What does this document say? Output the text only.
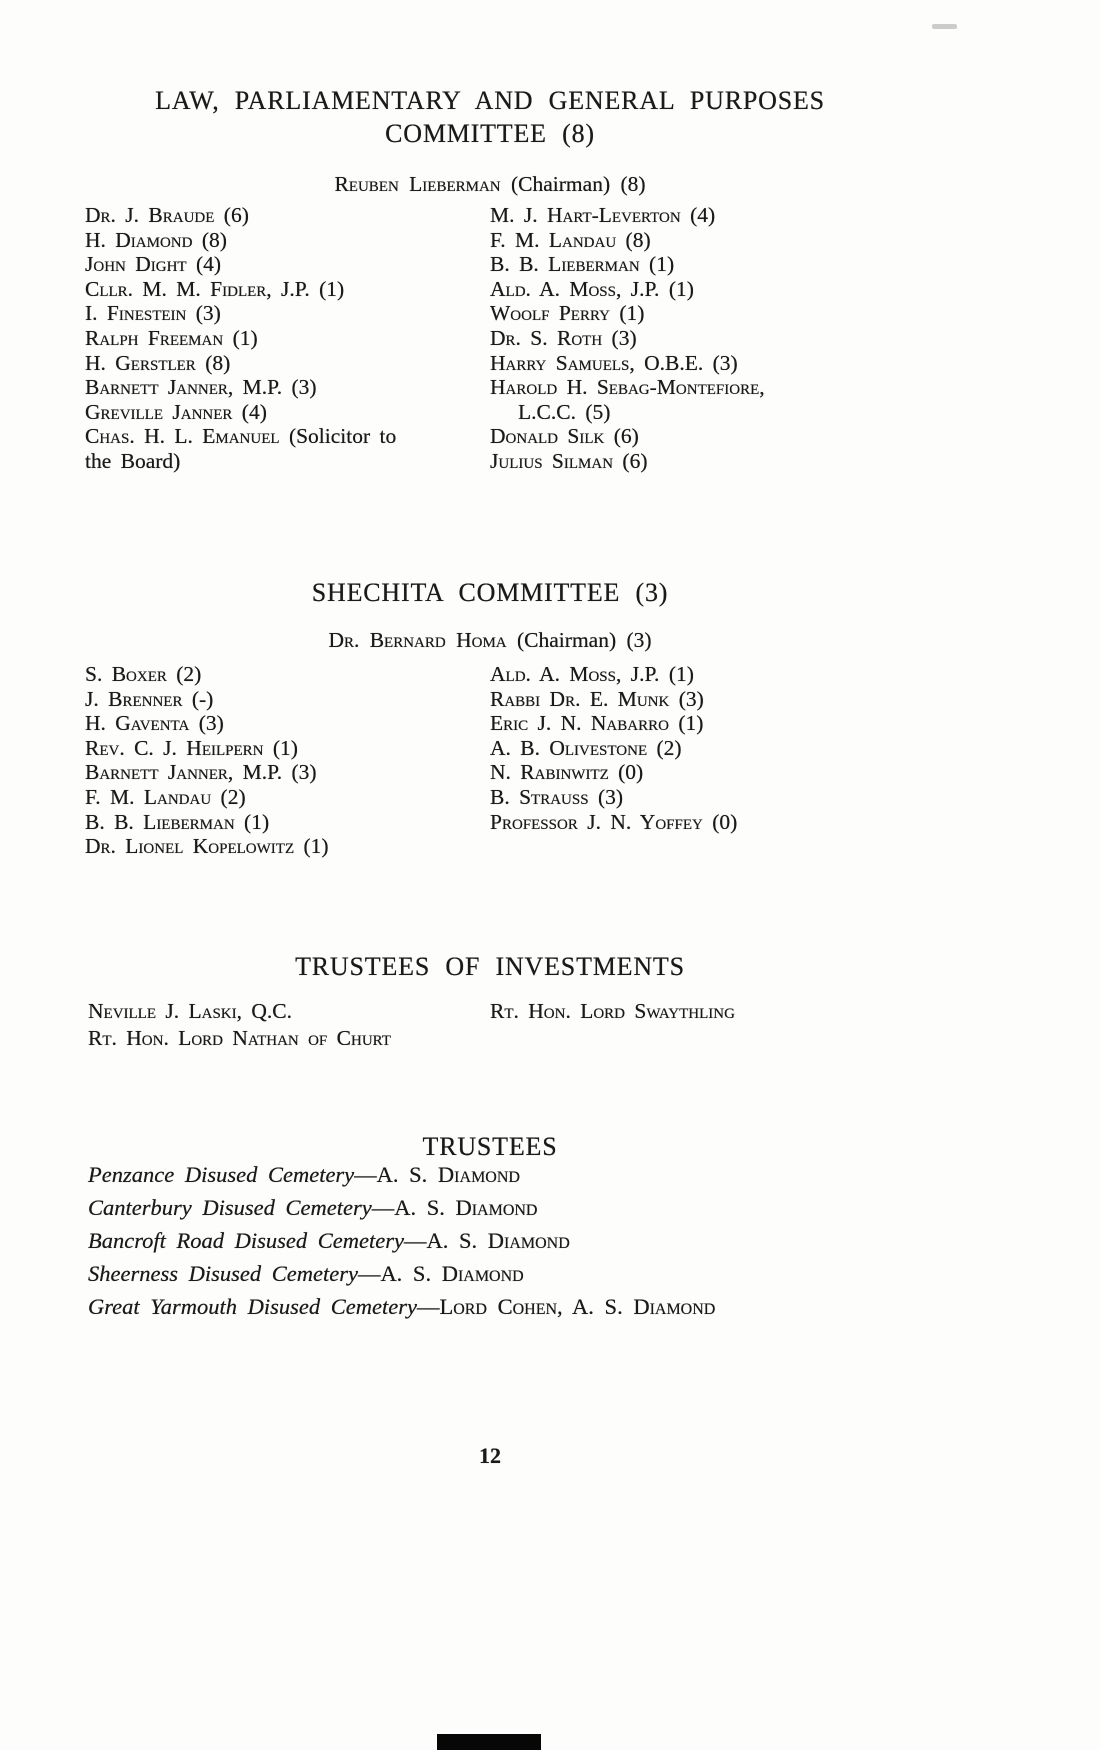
LAW, PARLIAMENTARY AND GENERAL PURPOSES
COMMITTEE (8)
Reuben Lieberman (Chairman) (8)
Dr. J. Braude (6)
H. Diamond (8)
John Dight (4)
Cllr. M. M. Fidler, J.P. (1)
I. Finestein (3)
Ralph Freeman (1)
H. Gerstler (8)
Barnett Janner, M.P. (3)
Greville Janner (4)
Chas. H. L. Emanuel (Solicitor to
the Board)
M. J. Hart-Leverton (4)
F. M. Landau (8)
B. B. Lieberman (1)
Ald. A. Moss, J.P. (1)
Woolf Perry (1)
Dr. S. Roth (3)
Harry Samuels, O.B.E. (3)
Harold H. Sebag-Montefiore,
L.C.C. (5)
Donald Silk (6)
Julius Silman (6)
SHECHITA COMMITTEE (3)
Dr. Bernard Homa (Chairman) (3)
S. Boxer (2)
J. Brenner (-)
H. Gaventa (3)
Rev. C. J. Heilpern (1)
Barnett Janner, M.P. (3)
F. M. Landau (2)
B. B. Lieberman (1)
Dr. Lionel Kopelowitz (1)
Ald. A. Moss, J.P. (1)
Rabbi Dr. E. Munk (3)
Eric J. N. Nabarro (1)
A. B. Olivestone (2)
N. Rabinwitz (0)
B. Strauss (3)
Professor J. N. Yoffey (0)
TRUSTEES OF INVESTMENTS
Neville J. Laski, Q.C.
Rt. Hon. Lord Nathan of Churt
Rt. Hon. Lord Swaythling
TRUSTEES
Penzance Disused Cemetery—A. S. Diamond
Canterbury Disused Cemetery—A. S. Diamond
Bancroft Road Disused Cemetery—A. S. Diamond
Sheerness Disused Cemetery—A. S. Diamond
Great Yarmouth Disused Cemetery—Lord Cohen, A. S. Diamond
12
